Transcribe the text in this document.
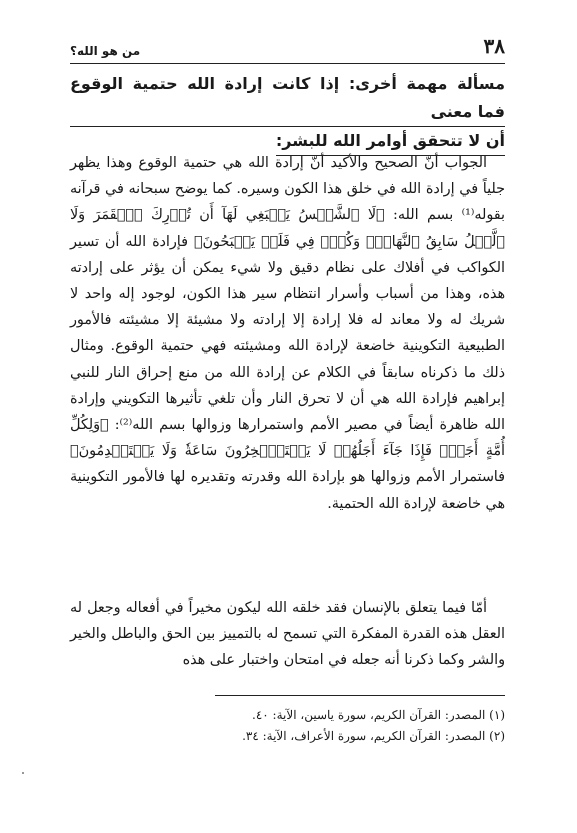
٣٨
من هو الله؟
مسألة مهمة أخرى: إذا كانت إرادة الله حتمية الوقوع فما معنى
أن لا تتحقق أوامر الله للبشر:
الجواب أنّ الصحيح والأكيد أنّ إرادة الله هي حتمية الوقوع وهذا يظهر جلياً في إرادة الله في خلق هذا الكون وسيره. كما يوضح سبحانه في قرآنه بقوله⁽¹⁾ بسم الله: ﴿لَا ٱلشَّمۡسُ يَنۢبَغِي لَهَآ أَن تُدۡرِكَ ٱلۡقَمَرَ وَلَا ٱلَّيۡلُ سَابِقُ ٱلنَّهَارِۚ وَكُلّٞ فِي فَلَكٖ يَسۡبَحُونَ﴾ فإرادة الله أن تسير الكواكب في أفلاك على نظام دقيق ولا شيء يمكن أن يؤثر على إرادته هذه، وهذا من أسباب وأسرار انتظام سير هذا الكون، لوجود إله واحد لا شريك له ولا معاند له فلا إرادة إلا إرادته ولا مشيئة إلا مشيئته فالأمور الطبيعية التكوينية خاضعة لإرادة الله ومشيئته فهي حتمية الوقوع. ومثال ذلك ما ذكرناه سابقاً في الكلام عن إرادة الله من منع إحراق النار للنبي إبراهيم فإرادة الله هي أن لا تحرق النار وأن تلغي تأثيرها التكويني وإرادة الله ظاهرة أيضاً في مصير الأمم واستمرارها وزوالها بسم الله⁽²⁾: ﴿وَلِكُلِّ أُمَّةٍ أَجَلٌۖ فَإِذَا جَآءَ أَجَلُهُمۡ لَا يَسۡتَـٔۡخِرُونَ سَاعَةٗ وَلَا يَسۡتَقۡدِمُونَ﴾ فاستمرار الأمم وزوالها هو بإرادة الله وقدرته وتقديره لها فالأمور التكوينية هي خاضعة لإرادة الله الحتمية.
أمّا فيما يتعلق بالإنسان فقد خلقه الله ليكون مخيراً في أفعاله وجعل له العقل هذه القدرة المفكرة التي تسمح له بالتمييز بين الحق والباطل والخير والشر وكما ذكرنا أنه جعله في امتحان واختبار على هذه
(١) المصدر: القرآن الكريم، سورة ياسين، الآية: ٤٠.
(٢) المصدر: القرآن الكريم، سورة الأعراف، الآية: ٣٤.
